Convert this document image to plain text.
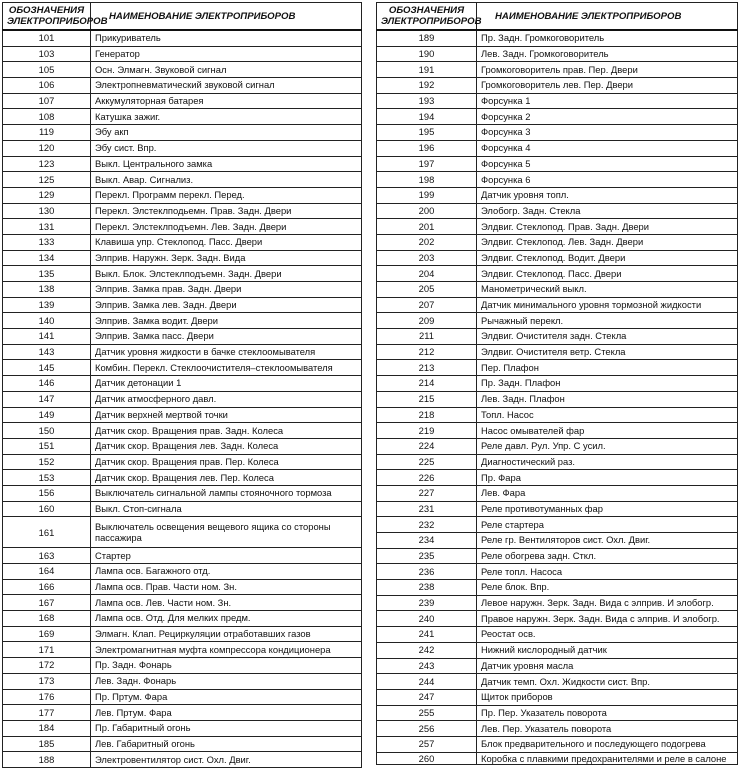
ОБОЗНАЧЕНИЯ
ЭЛЕКТРОПРИБОРОВ	НАИМЕНОВАНИЕ ЭЛЕКТРОПРИБОРОВ
101	Прикуриватель
103	Генератор
105	Осн. Элмагн. Звуковой сигнал
106	Электропневматический звуковой сигнал
107	Аккумуляторная батарея
108	Катушка зажиг.
119	Эбу акп
120	Эбу сист. Впр.
123	Выкл. Центрального замка
125	Выкл. Авар. Сигнализ.
129	Перекл. Программ перекл. Перед.
130	Перекл. Элстеклподьемн. Прав. Задн. Двери
131	Перекл. Элстеклподъемн. Лев. Задн. Двери
133	Клавиша упр. Стеклопод. Пасс. Двери
134	Элприв. Наружн. Зерк. Задн. Вида
135	Выкл. Блок. Элстеклподъемн. Задн. Двери
138	Элприв. Замка прав. Задн. Двери
139	Элприв. Замка лев. Задн. Двери
140	Элприв. Замка водит. Двери
141	Элприв. Замка пасс. Двери
143	Датчик уровня жидкости в бачке стеклоомывателя
145	Комбин. Перекл. Стеклоочистителя–стеклоомывателя
146	Датчик детонации 1
147	Датчик атмосферного давл.
149	Датчик верхней мертвой точки
150	Датчик скор. Вращения прав. Задн. Колеса
151	Датчик скор. Вращения лев. Задн. Колеса
152	Датчик скор. Вращения прав. Пер. Колеса
153	Датчик скор. Вращения лев. Пер. Колеса
156	Выключатель сигнальной лампы стояночного тормоза
160	Выкл. Стоп-сигнала
161	Выключатель освещения вещевого ящика со стороны пассажира
163	Стартер
164	Лампа осв. Багажного отд.
166	Лампа осв. Прав. Части ном. Зн.
167	Лампа осв. Лев. Части ном. Зн.
168	Лампа осв. Отд. Для мелких предм.
169	Элмагн. Клап. Рециркуляции отработавших газов
171	Электромагнитная муфта компрессора кондиционера
172	Пр. Задн. Фонарь
173	Лев. Задн. Фонарь
176	Пр. Пртум. Фара
177	Лев. Пртум. Фара
184	Пр. Габаритный огонь
185	Лев. Габаритный огонь
188	Электровентилятор сист. Охл. Двиг.
ОБОЗНАЧЕНИЯ
ЭЛЕКТРОПРИБОРОВ	НАИМЕНОВАНИЕ ЭЛЕКТРОПРИБОРОВ
189	Пр. Задн. Громкоговоритель
190	Лев. Задн. Громкоговоритель
191	Громкоговоритель прав. Пер. Двери
192	Громкоговоритель лев. Пер. Двери
193	Форсунка 1
194	Форсунка 2
195	Форсунка 3
196	Форсунка 4
197	Форсунка 5
198	Форсунка 6
199	Датчик уровня топл.
200	Элобогр. Задн. Стекла
201	Элдвиг. Стеклопод. Прав. Задн. Двери
202	Элдвиг. Стеклопод. Лев. Задн. Двери
203	Элдвиг. Стеклопод. Водит. Двери
204	Элдвиг. Стеклопод. Пасс. Двери
205	Манометрический выкл.
207	Датчик минимального уровня тормозной жидкости
209	Рычажный перекл.
211	Элдвиг. Очистителя задн. Стекла
212	Элдвиг. Очистителя ветр. Стекла
213	Пер. Плафон
214	Пр. Задн. Плафон
215	Лев. Задн. Плафон
218	Топл. Насос
219	Насос омывателей фар
224	Реле давл. Рул. Упр. С усил.
225	Диагностический раз.
226	Пр. Фара
227	Лев. Фара
231	Реле противотуманных фар
232	Реле стартера
234	Реле гр. Вентиляторов сист. Охл. Двиг.
235	Реле обогрева задн. Сткл.
236	Реле топл. Насоса
238	Реле блок. Впр.
239	Левое наружн. Зерк. Задн. Вида с элприв. И элобогр.
240	Правое наружн. Зерк. Задн. Вида с элприв. И элобогр.
241	Реостат осв.
242	Нижний кислородный датчик
243	Датчик уровня масла
244	Датчик темп. Охл. Жидкости сист. Впр.
247	Щиток приборов
255	Пр. Пер. Указатель поворота
256	Лев. Пер. Указатель поворота
257	Блок предварительного и последующего подогрева
260	Коробка с плавкими предохранителями и реле в салоне
